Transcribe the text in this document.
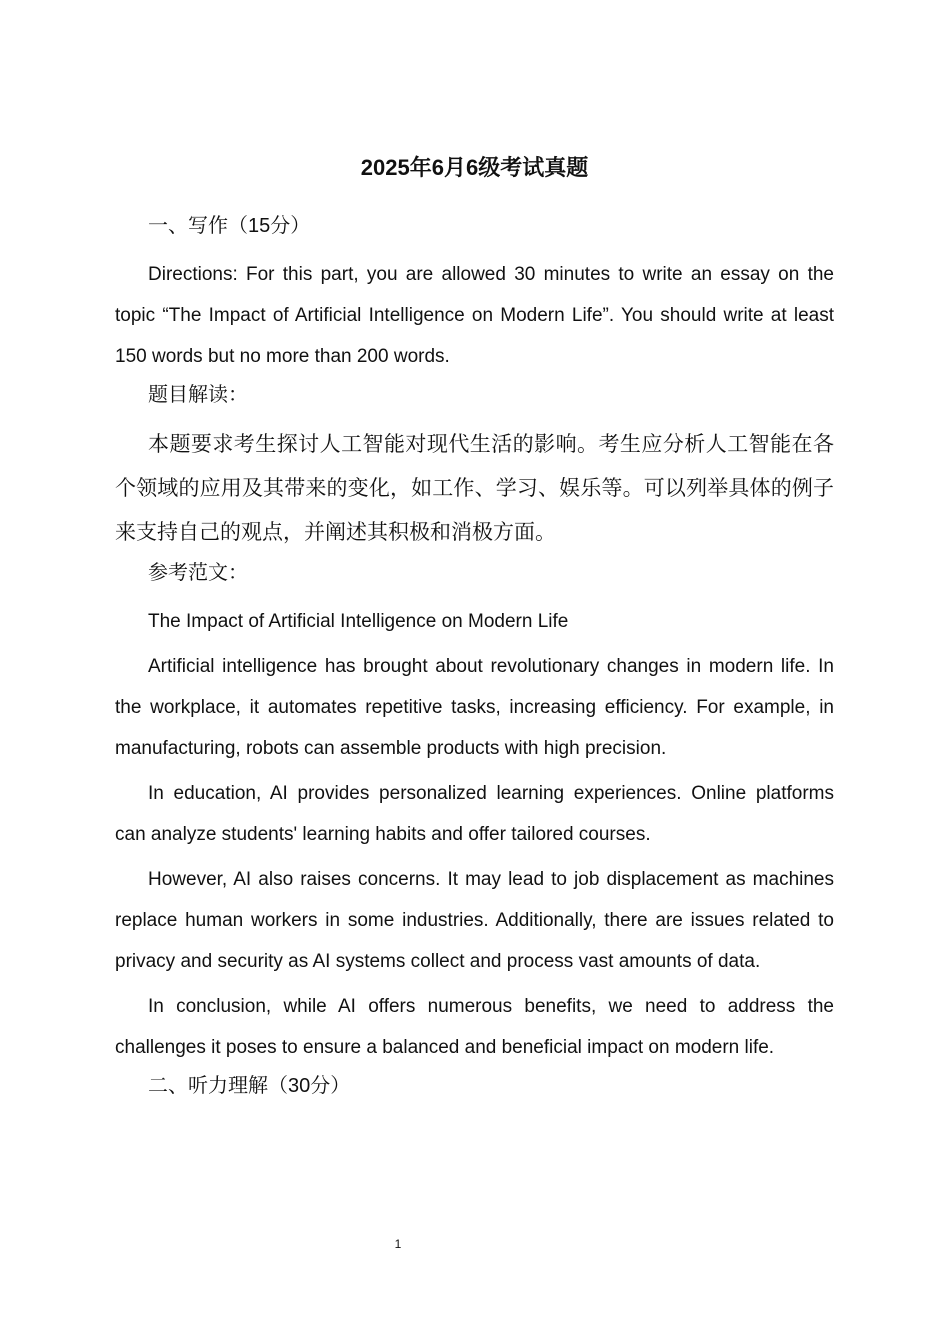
2025年6月6级考试真题

一、写作（15分）

Directions: For this part, you are allowed 30 minutes to write an essay on the topic “The Impact of Artificial Intelligence on Modern Life”. You should write at least 150 words but no more than 200 words.

题目解读：

本题要求考生探讨人工智能对现代生活的影响。考生应分析人工智能在各个领域的应用及其带来的变化，如工作、学习、娱乐等。可以列举具体的例子来支持自己的观点，并阐述其积极和消极方面。

参考范文：

The Impact of Artificial Intelligence on Modern Life

Artificial intelligence has brought about revolutionary changes in modern life. In the workplace, it automates repetitive tasks, increasing efficiency. For example, in manufacturing, robots can assemble products with high precision.

In education, AI provides personalized learning experiences. Online platforms can analyze students' learning habits and offer tailored courses.

However, AI also raises concerns. It may lead to job displacement as machines replace human workers in some industries. Additionally, there are issues related to privacy and security as AI systems collect and process vast amounts of data.

In conclusion, while AI offers numerous benefits, we need to address the challenges it poses to ensure a balanced and beneficial impact on modern life.

二、听力理解（30分）

1
